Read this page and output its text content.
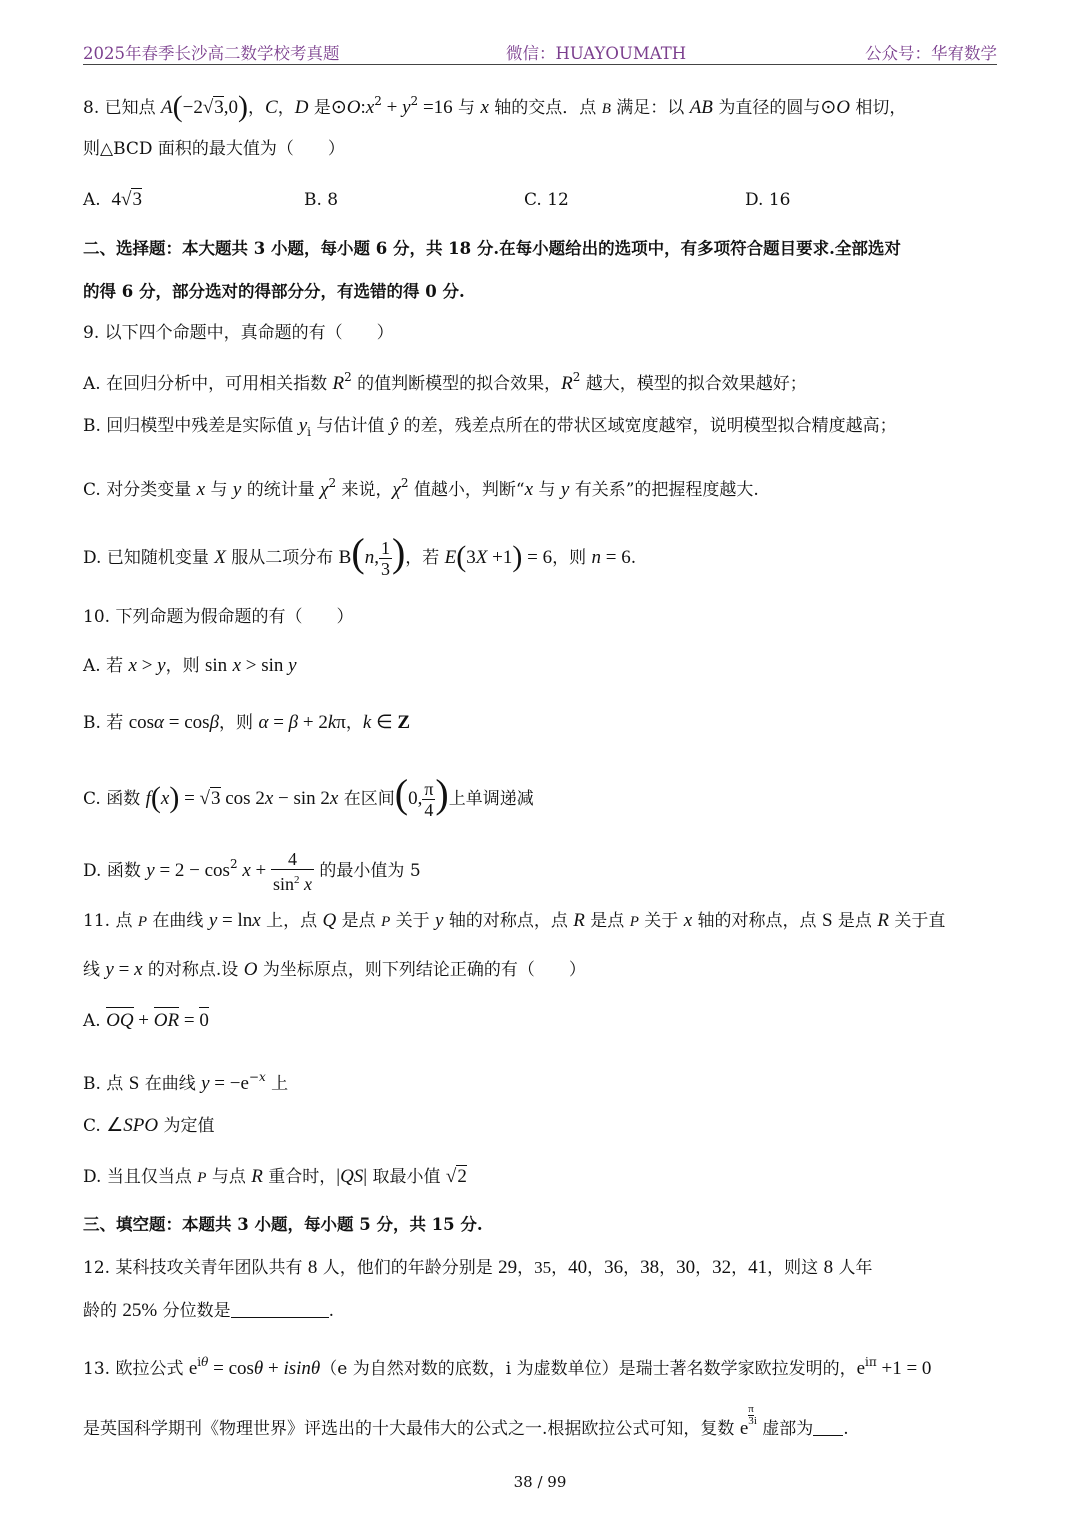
2025年春季长沙高二数学校考真题	微信：HUAYOUMATH	公众号：华宥数学
8. 已知点 A(−2√3,0)，C，D 是$⊙O:x^2 + y^2 =16$ 与 x 轴的交点．点 B 满足：以 AB 为直径的圆与⊙O 相切，
则△BCD 面积的最大值为（　　）
A.  4√3	B. 8	C. 12	D. 16
二、选择题：本大题共 3 小题，每小题 6 分，共 18 分.在每小题给出的选项中，有多项符合题目要求.全部选对
的得 6 分，部分选对的得部分分，有选错的得 0 分.
9. 以下四个命题中，真命题的有（　　）
A. 在回归分析中，可用相关指数 $R^2$ 的值判断模型的拟合效果，$R^2$ 越大，模型的拟合效果越好；
B. 回归模型中残差是实际值 $y_i$ 与估计值 ŷ 的差，残差点所在的带状区域宽度越窄，说明模型拟合精度越高；
C. 对分类变量 x 与 y 的统计量 $\chi^2$ 来说，$\chi^2$ 值越小，判断“x 与 y 有关系”的把握程度越大.
D. 已知随机变量 X 服从二项分布 B(n, $\frac{1}{3}$ )，若 E(3X +1) = 6，则 n = 6.
10. 下列命题为假命题的有（　　）
A. 若 x > y，则 sin x > sin y
B. 若 cosα = cosβ，则 α = β + 2kπ，k ∈ Z
C. 函数 f(x) = √3 cos 2x − sin 2x 在区间(0, $\frac{\pi}{4}$ )上单调递减
D. 函数 $y = 2 - \cos^2 x + \frac{4}{\sin^2 x}$ 的最小值为 5
11. 点 P 在曲线 y = lnx 上，点 Q 是点 P 关于 y 轴的对称点，点 R 是点 P 关于 x 轴的对称点，点 S 是点 R 关于直
线 y = x 的对称点.设 O 为坐标原点，则下列结论正确的有（　　）
A. OQ + OR = 0
B. 点 S 在曲线 $y = -e^{-x}$ 上
C. ∠SPO 为定值
D. 当且仅当点 P 与点 R 重合时，|QS| 取最小值 √2
三、填空题：本题共 3 小题，每小题 5 分，共 15 分.
12. 某科技攻关青年团队共有 8 人，他们的年龄分别是 29，35，40，36，38，30，32，41，则这 8 人年
龄的 25% 分位数是	.
13. 欧拉公式 $e^{i\theta} = \cos\theta + isin\theta(e$ 为自然对数的底数，i 为虚数单位）是瑞士著名数学家欧拉发明的，$e^{i\pi} +1 = 0$
是英国科学期刊《物理世界》评选出的十大最伟大的公式之一.根据欧拉公式可知，复数 e
$\frac{\pi}{3}$ i 虚部为 .
38 / 99
